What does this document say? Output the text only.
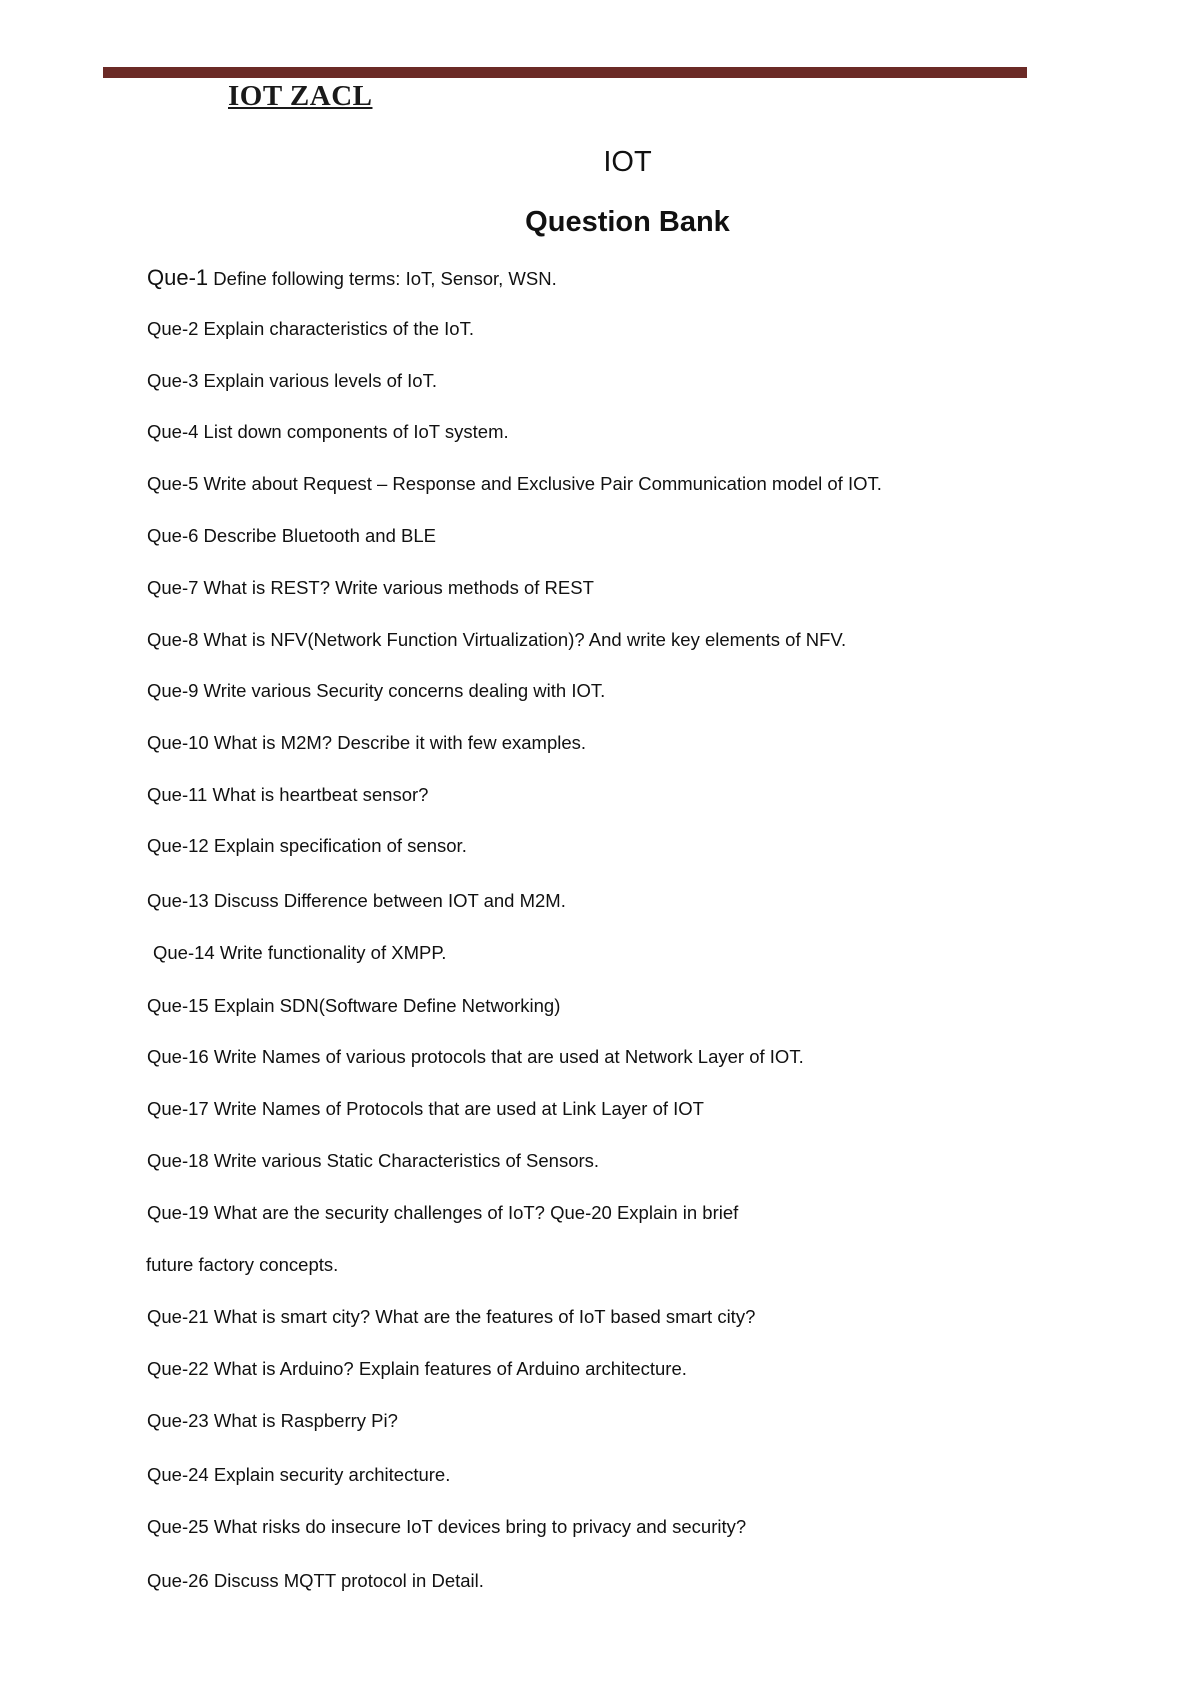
IOT ZACL
IOT
Question Bank
Que-1 Define following terms: IoT, Sensor, WSN.
Que-2 Explain characteristics of the IoT.
Que-3 Explain various levels of IoT.
Que-4 List down components of IoT system.
Que-5 Write about Request – Response and Exclusive Pair Communication model of IOT.
Que-6 Describe Bluetooth and BLE
Que-7 What is REST? Write various methods of REST
Que-8 What is NFV(Network Function Virtualization)? And write key elements of NFV.
Que-9 Write various Security concerns dealing with IOT.
Que-10 What is M2M? Describe it with few examples.
Que-11 What is heartbeat sensor?
Que-12 Explain specification of sensor.
Que-13 Discuss Difference between IOT and M2M.
Que-14 Write functionality of XMPP.
Que-15 Explain SDN(Software Define Networking)
Que-16 Write Names of various protocols that are used at Network Layer of IOT.
Que-17 Write Names of Protocols that are used at Link Layer of IOT
Que-18 Write various Static Characteristics of Sensors.
Que-19 What are the security challenges of IoT? Que-20 Explain in brief
future factory concepts.
Que-21 What is smart city? What are the features of IoT based smart city?
Que-22 What is Arduino? Explain features of Arduino architecture.
Que-23 What is Raspberry Pi?
Que-24 Explain security architecture.
Que-25 What risks do insecure IoT devices bring to privacy and security?
Que-26 Discuss MQTT protocol in Detail.
